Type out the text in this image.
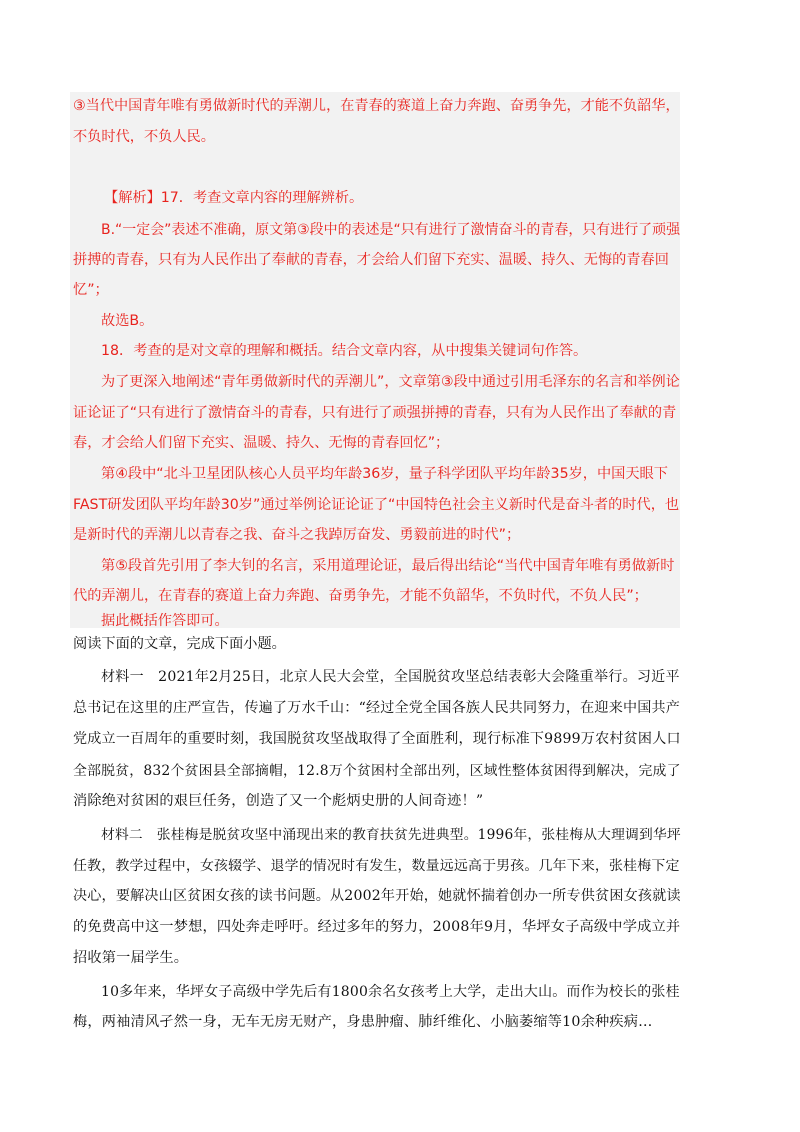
③当代中国青年唯有勇做新时代的弄潮儿，在青春的赛道上奋力奔跑、奋勇争先，才能不负韶华，
不负时代，不负人民。
【解析】17．考查文章内容的理解辨析。
B.“一定会”表述不准确，原文第③段中的表述是“只有进行了激情奋斗的青春，只有进行了顽强
拼搏的青春，只有为人民作出了奉献的青春，才会给人们留下充实、温暖、持久、无悔的青春回
忆”；
故选B。
18．考查的是对文章的理解和概括。结合文章内容，从中搜集关键词句作答。
为了更深入地阐述“青年勇做新时代的弄潮儿”，文章第③段中通过引用毛泽东的名言和举例论
证论证了“只有进行了激情奋斗的青春，只有进行了顽强拼搏的青春，只有为人民作出了奉献的青
春，才会给人们留下充实、温暖、持久、无悔的青春回忆”；
第④段中“北斗卫星团队核心人员平均年龄36岁，量子科学团队平均年龄35岁，中国天眼下
FAST研发团队平均年龄30岁”通过举例论证论证了“中国特色社会主义新时代是奋斗者的时代，也
是新时代的弄潮儿以青春之我、奋斗之我踔厉奋发、勇毅前进的时代”；
第⑤段首先引用了李大钊的名言，采用道理论证，最后得出结论“当代中国青年唯有勇做新时
代的弄潮儿，在青春的赛道上奋力奔跑、奋勇争先，才能不负韶华，不负时代，不负人民”；
据此概括作答即可。
阅读下面的文章，完成下面小题。
材料一　2021年2月25日，北京人民大会堂，全国脱贫攻坚总结表彰大会隆重举行。习近平
总书记在这里的庄严宣告，传遍了万水千山：“经过全党全国各族人民共同努力，在迎来中国共产
党成立一百周年的重要时刻，我国脱贫攻坚战取得了全面胜利，现行标准下9899万农村贫困人口
全部脱贫，832个贫困县全部摘帽，12.8万个贫困村全部出列，区域性整体贫困得到解决，完成了
消除绝对贫困的艰巨任务，创造了又一个彪炳史册的人间奇迹！”
材料二　张桂梅是脱贫攻坚中涌现出来的教育扶贫先进典型。1996年，张桂梅从大理调到华坪
任教，教学过程中，女孩辍学、退学的情况时有发生，数量远远高于男孩。几年下来，张桂梅下定
决心，要解决山区贫困女孩的读书问题。从2002年开始，她就怀揣着创办一所专供贫困女孩就读
的免费高中这一梦想，四处奔走呼吁。经过多年的努力，2008年9月，华坪女子高级中学成立并
招收第一届学生。
10多年来，华坪女子高级中学先后有1800余名女孩考上大学，走出大山。而作为校长的张桂
梅，两袖清风孑然一身，无车无房无财产，身患肿瘤、肺纤维化、小脑萎缩等10余种疾病…
